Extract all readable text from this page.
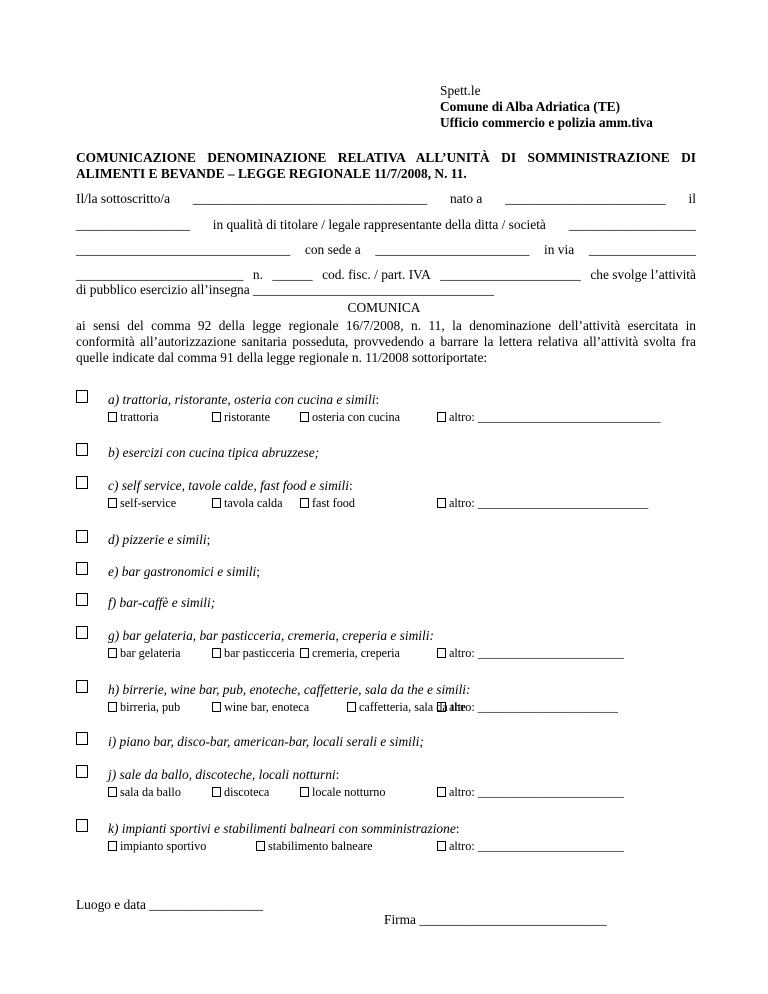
Spett.le
Comune di Alba Adriatica (TE)
Ufficio commercio e polizia amm.tiva
COMUNICAZIONE DENOMINAZIONE RELATIVA ALL’UNITÀ DI SOMMINISTRAZIONE DI ALIMENTI E BEVANDE – LEGGE REGIONALE 11/7/2008, N. 11.
Il/la sottoscritto/a ___________________________________ nato a ________________________ il
_________________ in qualità di titolare / legale rappresentante della ditta / società ___________________
________________________________ con sede a _______________________ in via ________________
_________________________ n. ______ cod. fisc. / part. IVA _____________________ che svolge l’attività
di pubblico esercizio all’insegna ____________________________________
COMUNICA
ai sensi del comma 92 della legge regionale 16/7/2008, n. 11, la denominazione dell’attività esercitata in conformità all’autorizzazione sanitaria posseduta, provvedendo a barrare la lettera relativa all’attività svolta fra quelle indicate dal comma 91 della legge regionale n. 11/2008 sottoriportate:
a) trattoria, ristorante, osteria con cucina e simili:
trattoria	ristorante	osteria con cucina	altro: ______________________________
b) esercizi con cucina tipica abruzzese;
c) self service, tavole calde, fast food e simili:
self-service	tavola calda	fast food	altro: ____________________________
d) pizzerie e simili;
e) bar gastronomici e simili;
f) bar-caffè e simili;
g) bar gelateria, bar pasticceria, cremeria, creperia e simili:
bar gelateria	bar pasticceria	cremeria, creperia	altro: ________________________
h) birrerie, wine bar, pub, enoteche, caffetterie, sala da the e simili:
birreria, pub	wine bar, enoteca	caffetteria, sala da the
altro: _______________________
i) piano bar, disco-bar, american-bar, locali serali e simili;
j) sale da ballo, discoteche, locali notturni:
sala da ballo	discoteca	locale notturno	altro: ________________________
k) impianti sportivi e stabilimenti balneari con somministrazione:
impianto sportivo	stabilimento balneare	altro: ________________________
Luogo e data _________________
Firma ____________________________
